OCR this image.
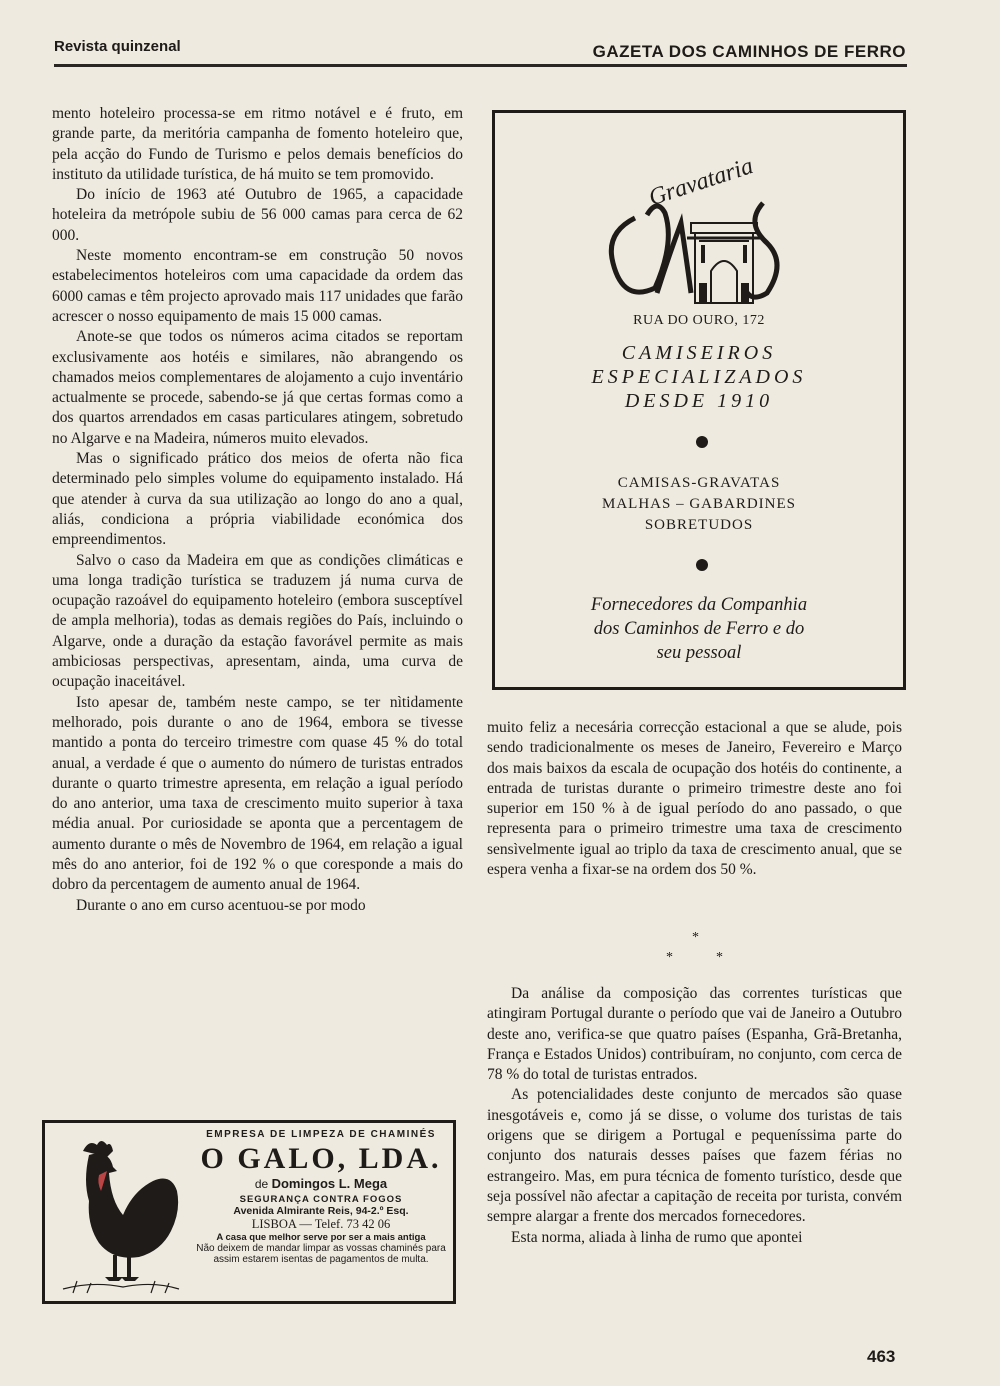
Revista quinzenal	GAZETA DOS CAMINHOS DE FERRO

mento hoteleiro processa-se em ritmo notável e é fruto, em grande parte, da meritória campanha de fomento hoteleiro que, pela acção do Fundo de Turismo e pelos demais benefícios do instituto da utilidade turística, de há muito se tem promovido.

Do início de 1963 até Outubro de 1965, a capacidade hoteleira da metrópole subiu de 56 000 camas para cerca de 62 000.

Neste momento encontram-se em construção 50 novos estabelecimentos hoteleiros com uma capacidade da ordem das 6000 camas e têm projecto aprovado mais 117 unidades que farão acrescer o nosso equipamento de mais 15 000 camas.

Anote-se que todos os números acima citados se reportam exclusivamente aos hotéis e similares, não abrangendo os chamados meios complementares de alojamento a cujo inventário actualmente se procede, sabendo-se já que certas formas como a dos quartos arrendados em casas particulares atingem, sobretudo no Algarve e na Madeira, números muito elevados.

Mas o significado prático dos meios de oferta não fica determinado pelo simples volume do equipamento instalado. Há que atender à curva da sua utilização ao longo do ano a qual, aliás, condiciona a própria viabilidade económica dos empreendimentos.

Salvo o caso da Madeira em que as condições climáticas e uma longa tradição turística se traduzem já numa curva de ocupação razoável do equipamento hoteleiro (embora susceptível de ampla melhoria), todas as demais regiões do País, incluindo o Algarve, onde a duração da estação favorável permite as mais ambiciosas perspectivas, apresentam, ainda, uma curva de ocupação inaceitável.

Isto apesar de, também neste campo, se ter nìtidamente melhorado, pois durante o ano de 1964, embora se tivesse mantido a ponta do terceiro trimestre com quase 45 % do total anual, a verdade é que o aumento do número de turistas entrados durante o quarto trimestre apresenta, em relação a igual período do ano anterior, uma taxa de crescimento muito superior à taxa média anual. Por curiosidade se aponta que a percentagem de aumento durante o mês de Novembro de 1964, em relação a igual mês do ano anterior, foi de 192 % o que coresponde a mais do dobro da percentagem de aumento anual de 1964.

Durante o ano em curso acentuou-se por modo

Gravataria
RUA DO OURO, 172
CAMISEIROS
ESPECIALIZADOS
DESDE 1910
CAMISAS-GRAVATAS
MALHAS – GABARDINES
SOBRETUDOS
Fornecedores da Companhia
dos Caminhos de Ferro e do
seu pessoal

muito feliz a necesária correcção estacional a que se alude, pois sendo tradicionalmente os meses de Janeiro, Fevereiro e Março dos mais baixos da escala de ocupação dos hotéis do continente, a entrada de turistas durante o primeiro trimestre deste ano foi superior em 150 % à de igual período do ano passado, o que representa para o primeiro trimestre uma taxa de crescimento sensìvelmente igual ao triplo da taxa de crescimento anual, que se espera venha a fixar-se na ordem dos 50 %.

*
*	*

Da análise da composição das correntes turísticas que atingiram Portugal durante o período que vai de Janeiro a Outubro deste ano, verifica-se que quatro países (Espanha, Grã-Bretanha, França e Estados Unidos) contribuíram, no conjunto, com cerca de 78 % do total de turistas entrados.

As potencialidades deste conjunto de mercados são quase inesgotáveis e, como já se disse, o volume dos turistas de tais origens que se dirigem a Portugal e pequeníssima parte do conjunto dos naturais desses países que fazem férias no estrangeiro. Mas, em pura técnica de fomento turístico, desde que seja possível não afectar a capitação de receita por turista, convém sempre alargar a frente dos mercados fornecedores.

Esta norma, aliada à linha de rumo que apontei

EMPRESA DE LIMPEZA DE CHAMINÉS
O GALO, LDA.
de Domingos L. Mega
SEGURANÇA CONTRA FOGOS
Avenida Almirante Reis, 94-2.º Esq.
LISBOA — Telef. 73 42 06
A casa que melhor serve por ser a mais antiga
Não deixem de mandar limpar as vossas chaminés para assim estarem isentas de pagamentos de multa.
463
